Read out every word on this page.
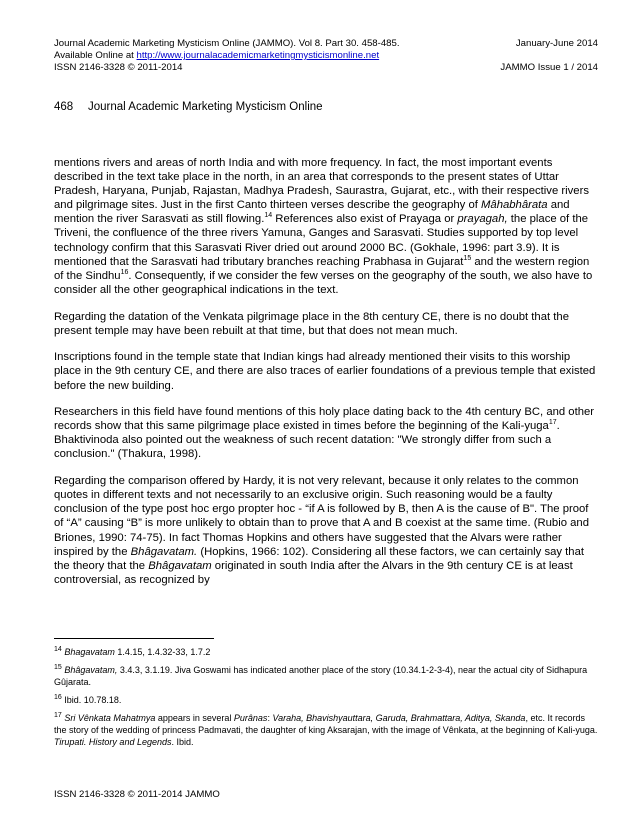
Journal Academic Marketing Mysticism Online (JAMMO). Vol 8. Part 30. 458-485.	January-June 2014
Available Online at http://www.journalacademicmarketingmysticismonline.net
ISSN 2146-3328 © 2011-2014	JAMMO Issue 1 / 2014
468 Journal Academic Marketing Mysticism Online

mentions rivers and areas of north India and with more frequency. In fact, the most important events described in the text take place in the north, in an area that corresponds to the present states of Uttar Pradesh, Haryana, Punjab, Rajastan, Madhya Pradesh, Saurastra, Gujarat, etc., with their respective rivers and pilgrimage sites. Just in the first Canto thirteen verses describe the geography of Mâhabhârata and mention the river Sarasvati as still flowing.$^{14}$ References also exist of Prayaga or prayagah, the place of the Triveni, the confluence of the three rivers Yamuna, Ganges and Sarasvati. Studies supported by top level technology confirm that this Sarasvati River dried out around 2000 BC. (Gokhale, 1996: part 3.9). It is mentioned that the Sarasvati had tributary branches reaching Prabhasa in Gujarat$^{15}$ and the western region of the Sindhu$^{16}$. Consequently, if we consider the few verses on the geography of the south, we also have to consider all the other geographical indications in the text.

Regarding the datation of the Venkata pilgrimage place in the 8th century CE, there is no doubt that the present temple may have been rebuilt at that time, but that does not mean much.

Inscriptions found in the temple state that Indian kings had already mentioned their visits to this worship place in the 9th century CE, and there are also traces of earlier foundations of a previous temple that existed before the new building.

Researchers in this field have found mentions of this holy place dating back to the 4th century BC, and other records show that this same pilgrimage place existed in times before the beginning of the Kali-yuga$^{17}$. Bhaktivinoda also pointed out the weakness of such recent datation: "We strongly differ from such a conclusion." (Thakura, 1998).

Regarding the comparison offered by Hardy, it is not very relevant, because it only relates to the common quotes in different texts and not necessarily to an exclusive origin. Such reasoning would be a faulty conclusion of the type post hoc ergo propter hoc - “if A is followed by B, then A is the cause of B". The proof of “A” causing “B” is more unlikely to obtain than to prove that A and B coexist at the same time. (Rubio and Briones, 1990: 74-75). In fact Thomas Hopkins and others have suggested that the Alvars were rather inspired by the Bhâgavatam. (Hopkins, 1966: 102). Considering all these factors, we can certainly say that the theory that the Bhâgavatam originated in south India after the Alvars in the 9th century CE is at least controversial, as recognized by

$^{14}$ Bhagavatam 1.4.15, 1.4.32-33, 1.7.2

$^{15}$ Bhâgavatam, 3.4.3, 3.1.19. Jiva Goswami has indicated another place of the story (10.34.1-2-3-4), near the actual city of Sidhapura Gûjarata.

$^{16}$ Ibid. 10.78.18.

$^{17}$ Sri Vênkata Mahatmya appears in several Purânas: Varaha, Bhavishyauttara, Garuda, Brahmattara, Aditya, Skanda, etc. It records the story of the wedding of princess Padmavati, the daughter of king Aksarajan, with the image of Vênkata, at the beginning of Kali-yuga. Tirupati. History and Legends. Ibid.

ISSN 2146-3328 © 2011-2014 JAMMO
